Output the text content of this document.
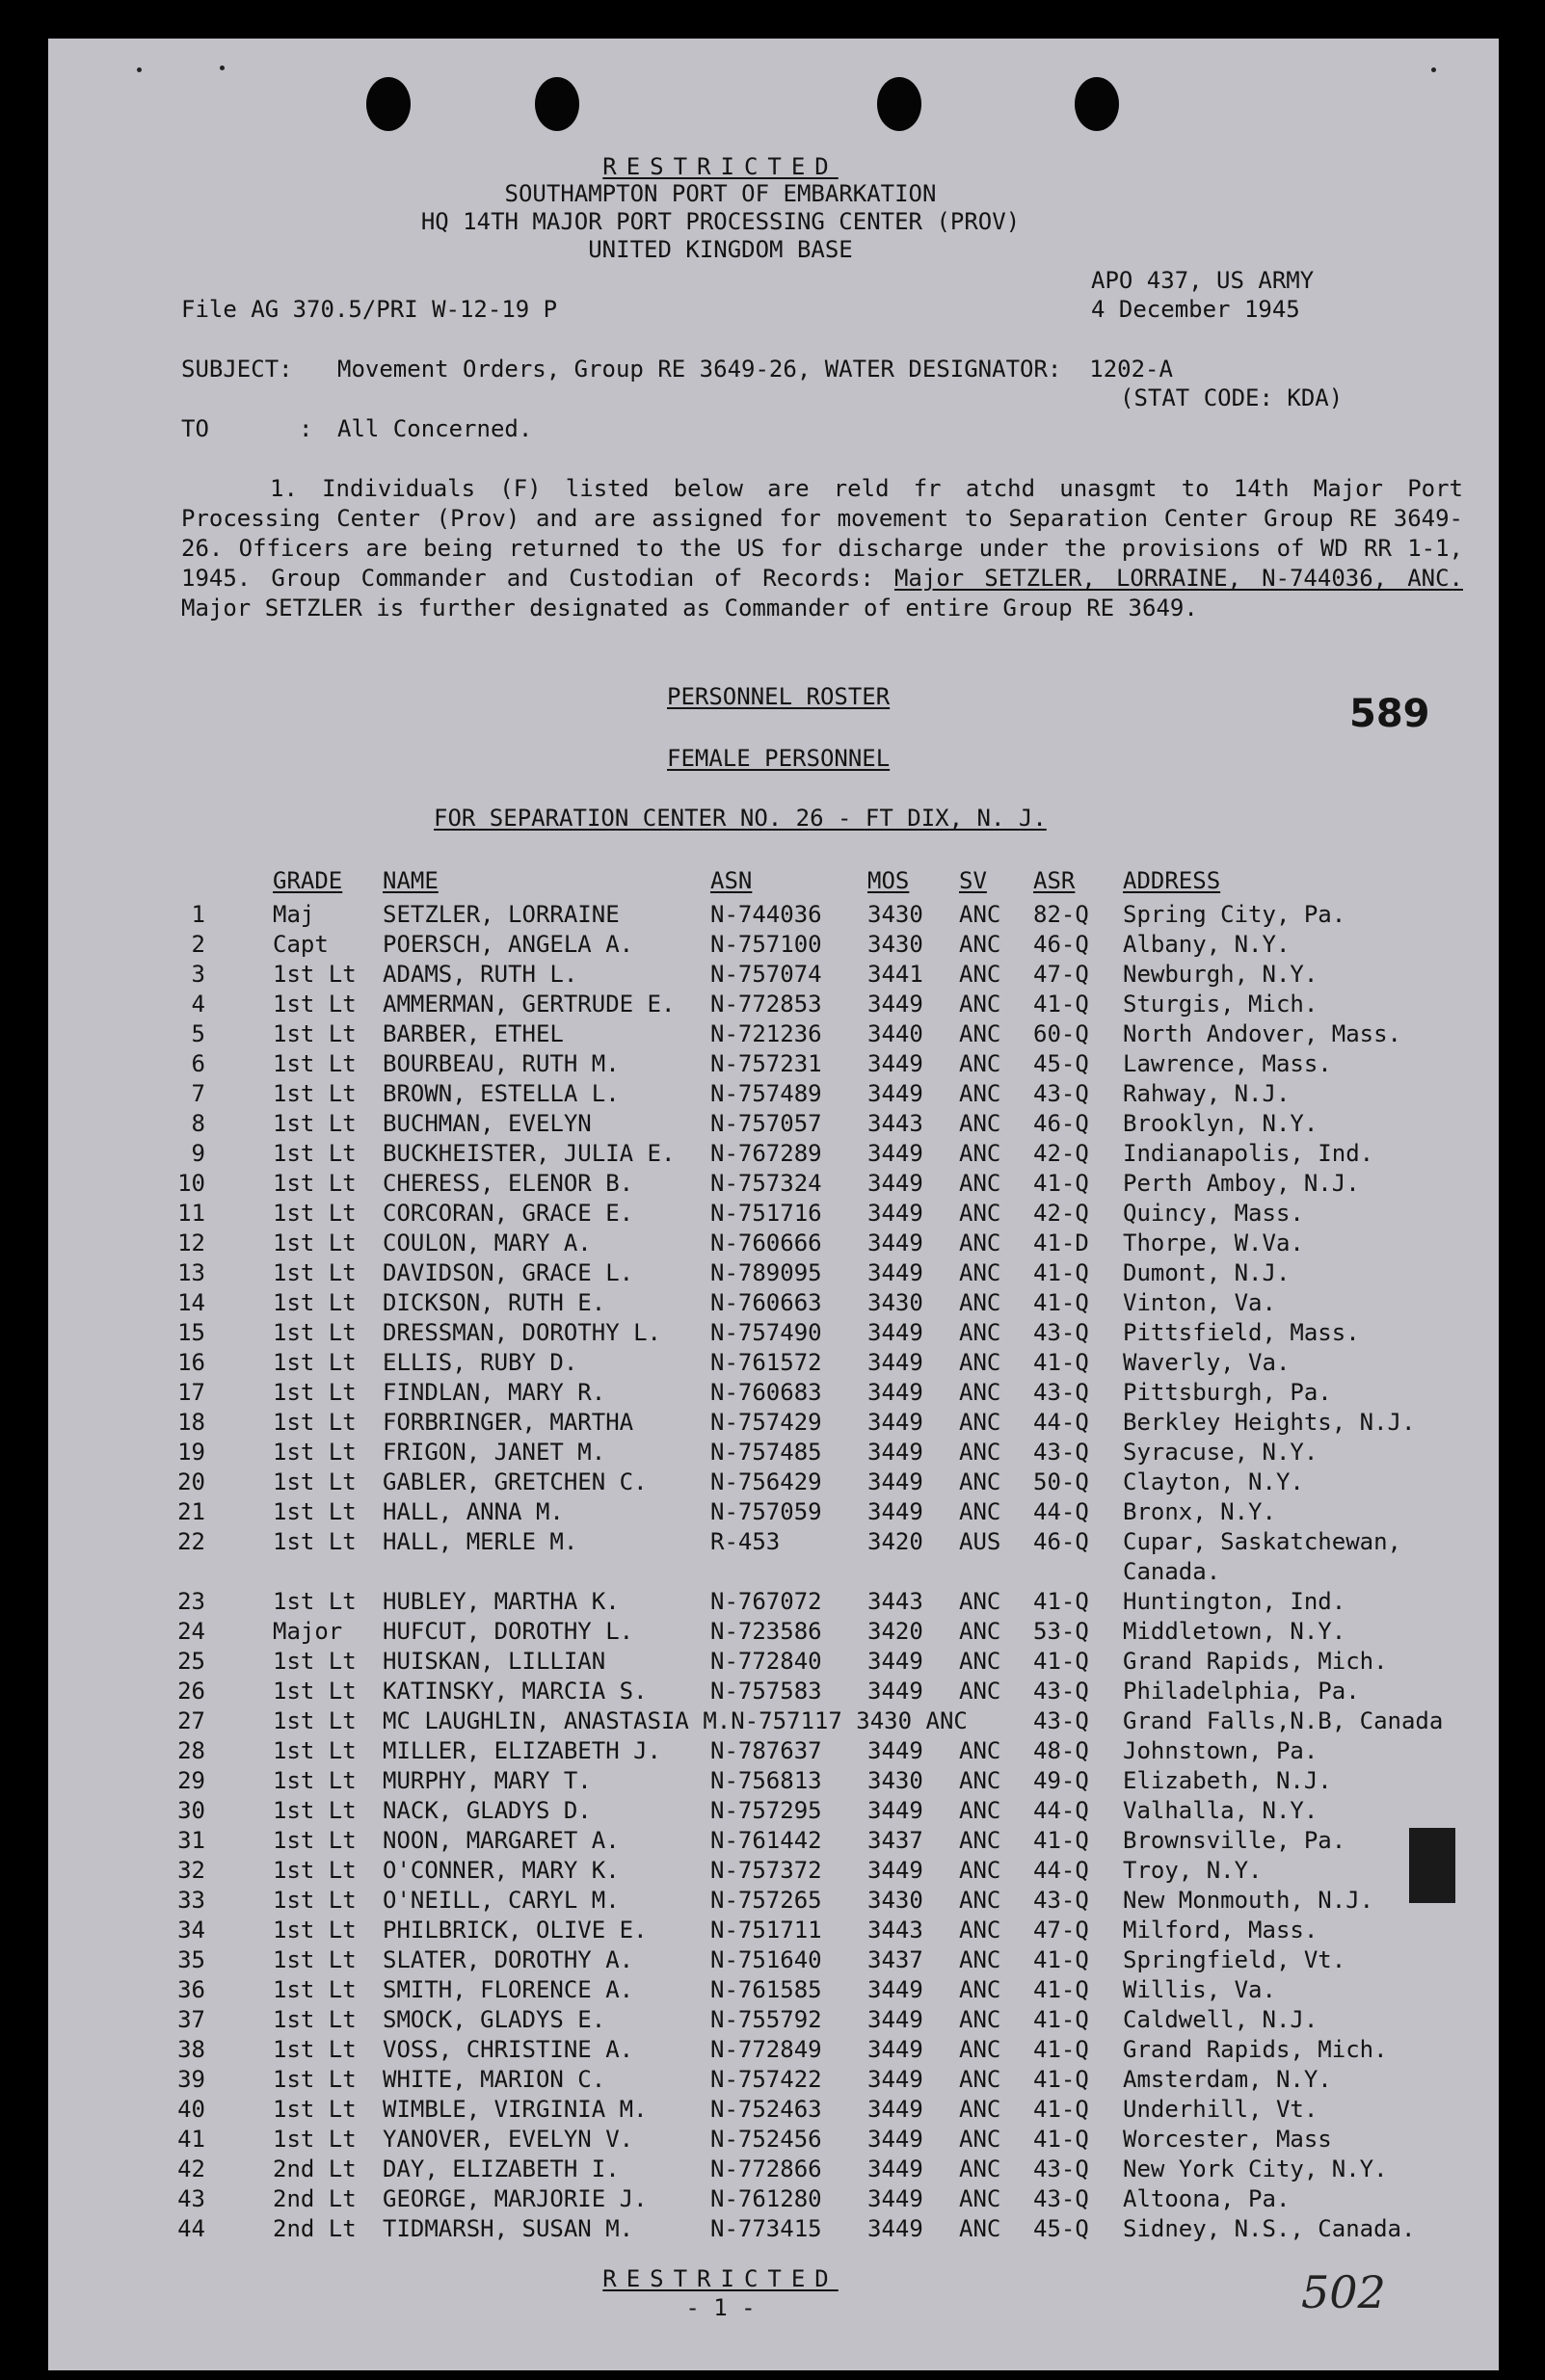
RESTRICTED
SOUTHAMPTON PORT OF EMBARKATION
HQ 14TH MAJOR PORT PROCESSING CENTER (PROV)
UNITED KINGDOM BASE
APO 437, US ARMY
4 December 1945
File AG 370.5/PRI W-12-19 P
SUBJECT: Movement Orders, Group RE 3649-26, WATER DESIGNATOR:  1202-A
(STAT CODE: KDA)
TO	: All Concerned.
1. Individuals (F) listed below are reld fr atchd unasgmt to 14th Major Port Processing Center (Prov) and are assigned for movement to Separation Center Group RE 3649-26. Officers are being returned to the US for discharge under the provisions of WD RR 1-1, 1945. Group Commander and Custodian of Records: Major SETZLER, LORRAINE, N-744036, ANC. Major SETZLER is further designated as Commander of entire Group RE 3649.
589
PERSONNEL ROSTER
FEMALE PERSONNEL
FOR SEPARATION CENTER NO. 26 - FT DIX, N. J.
GRADE NAME	ASN	MOS SV ASR ADDRESS
1	Maj	SETZLER, LORRAINE	N-744036 3430 ANC 82-Q Spring City, Pa.
2	Capt POERSCH, ANGELA A.	N-757100 3430 ANC 46-Q Albany, N.Y.
3	1st Lt ADAMS, RUTH L.	N-757074 3441 ANC 47-Q Newburgh, N.Y.
4	1st Lt AMMERMAN, GERTRUDE E. N-772853 3449 ANC 41-Q Sturgis, Mich.
5	1st Lt BARBER, ETHEL	N-721236 3440 ANC 60-Q North Andover, Mass.
6	1st Lt BOURBEAU, RUTH M.	N-757231 3449 ANC 45-Q Lawrence, Mass.
7	1st Lt BROWN, ESTELLA L.	N-757489 3449 ANC 43-Q Rahway, N.J.
8	1st Lt BUCHMAN, EVELYN	N-757057 3443 ANC 46-Q Brooklyn, N.Y.
9	1st Lt BUCKHEISTER, JULIA E. N-767289 3449 ANC 42-Q Indianapolis, Ind.
10	1st Lt CHERESS, ELENOR B.	N-757324 3449 ANC 41-Q Perth Amboy, N.J.
11	1st Lt CORCORAN, GRACE E.	N-751716 3449 ANC 42-Q Quincy, Mass.
12	1st Lt COULON, MARY A.	N-760666 3449 ANC 41-D Thorpe, W.Va.
13	1st Lt DAVIDSON, GRACE L.	N-789095 3449 ANC 41-Q Dumont, N.J.
14	1st Lt DICKSON, RUTH E.	N-760663 3430 ANC 41-Q Vinton, Va.
15	1st Lt DRESSMAN, DOROTHY L. N-757490 3449 ANC 43-Q Pittsfield, Mass.
16	1st Lt ELLIS, RUBY D.	N-761572 3449 ANC 41-Q Waverly, Va.
17	1st Lt FINDLAN, MARY R.	N-760683 3449 ANC 43-Q Pittsburgh, Pa.
18	1st Lt FORBRINGER, MARTHA	N-757429 3449 ANC 44-Q Berkley Heights, N.J.
19	1st Lt FRIGON, JANET M.	N-757485 3449 ANC 43-Q Syracuse, N.Y.
20	1st Lt GABLER, GRETCHEN C.	N-756429 3449 ANC 50-Q Clayton, N.Y.
21	1st Lt HALL, ANNA M.	N-757059 3449 ANC 44-Q Bronx, N.Y.
22	1st Lt HALL, MERLE M.	R-453	3420 AUS 46-Q Cupar, Saskatchewan,
Canada.
23	1st Lt HUBLEY, MARTHA K.	N-767072 3443 ANC 41-Q Huntington, Ind.
24	Major HUFCUT, DOROTHY L.	N-723586 3420 ANC 53-Q Middletown, N.Y.
25	1st Lt HUISKAN, LILLIAN	N-772840 3449 ANC 41-Q Grand Rapids, Mich.
26	1st Lt KATINSKY, MARCIA S.	N-757583 3449 ANC 43-Q Philadelphia, Pa.
27	1st Lt MC LAUGHLIN, ANASTASIA M.N-757117 3430 ANC	43-Q Grand Falls,N.B, Canada
28	1st Lt MILLER, ELIZABETH J. N-787637 3449 ANC 48-Q Johnstown, Pa.
29	1st Lt MURPHY, MARY T.	N-756813 3430 ANC 49-Q Elizabeth, N.J.
30	1st Lt NACK, GLADYS D.	N-757295 3449 ANC 44-Q Valhalla, N.Y.
31	1st Lt NOON, MARGARET A.	N-761442 3437 ANC 41-Q Brownsville, Pa.
32	1st Lt O'CONNER, MARY K.	N-757372 3449 ANC 44-Q Troy, N.Y.
33	1st Lt O'NEILL, CARYL M.	N-757265 3430 ANC 43-Q New Monmouth, N.J.
34	1st Lt PHILBRICK, OLIVE E.	N-751711 3443 ANC 47-Q Milford, Mass.
35	1st Lt SLATER, DOROTHY A.	N-751640 3437 ANC 41-Q Springfield, Vt.
36	1st Lt SMITH, FLORENCE A.	N-761585 3449 ANC 41-Q Willis, Va.
37	1st Lt SMOCK, GLADYS E.	N-755792 3449 ANC 41-Q Caldwell, N.J.
38	1st Lt VOSS, CHRISTINE A.	N-772849 3449 ANC 41-Q Grand Rapids, Mich.
39	1st Lt WHITE, MARION C.	N-757422 3449 ANC 41-Q Amsterdam, N.Y.
40	1st Lt WIMBLE, VIRGINIA M.	N-752463 3449 ANC 41-Q Underhill, Vt.
41	1st Lt YANOVER, EVELYN V.	N-752456 3449 ANC 41-Q Worcester, Mass
42	2nd Lt DAY, ELIZABETH I.	N-772866 3449 ANC 43-Q New York City, N.Y.
43	2nd Lt GEORGE, MARJORIE J.	N-761280 3449 ANC 43-Q Altoona, Pa.
44	2nd Lt TIDMARSH, SUSAN M.	N-773415 3449 ANC 45-Q Sidney, N.S., Canada.
RESTRICTED
- 1 -	502
